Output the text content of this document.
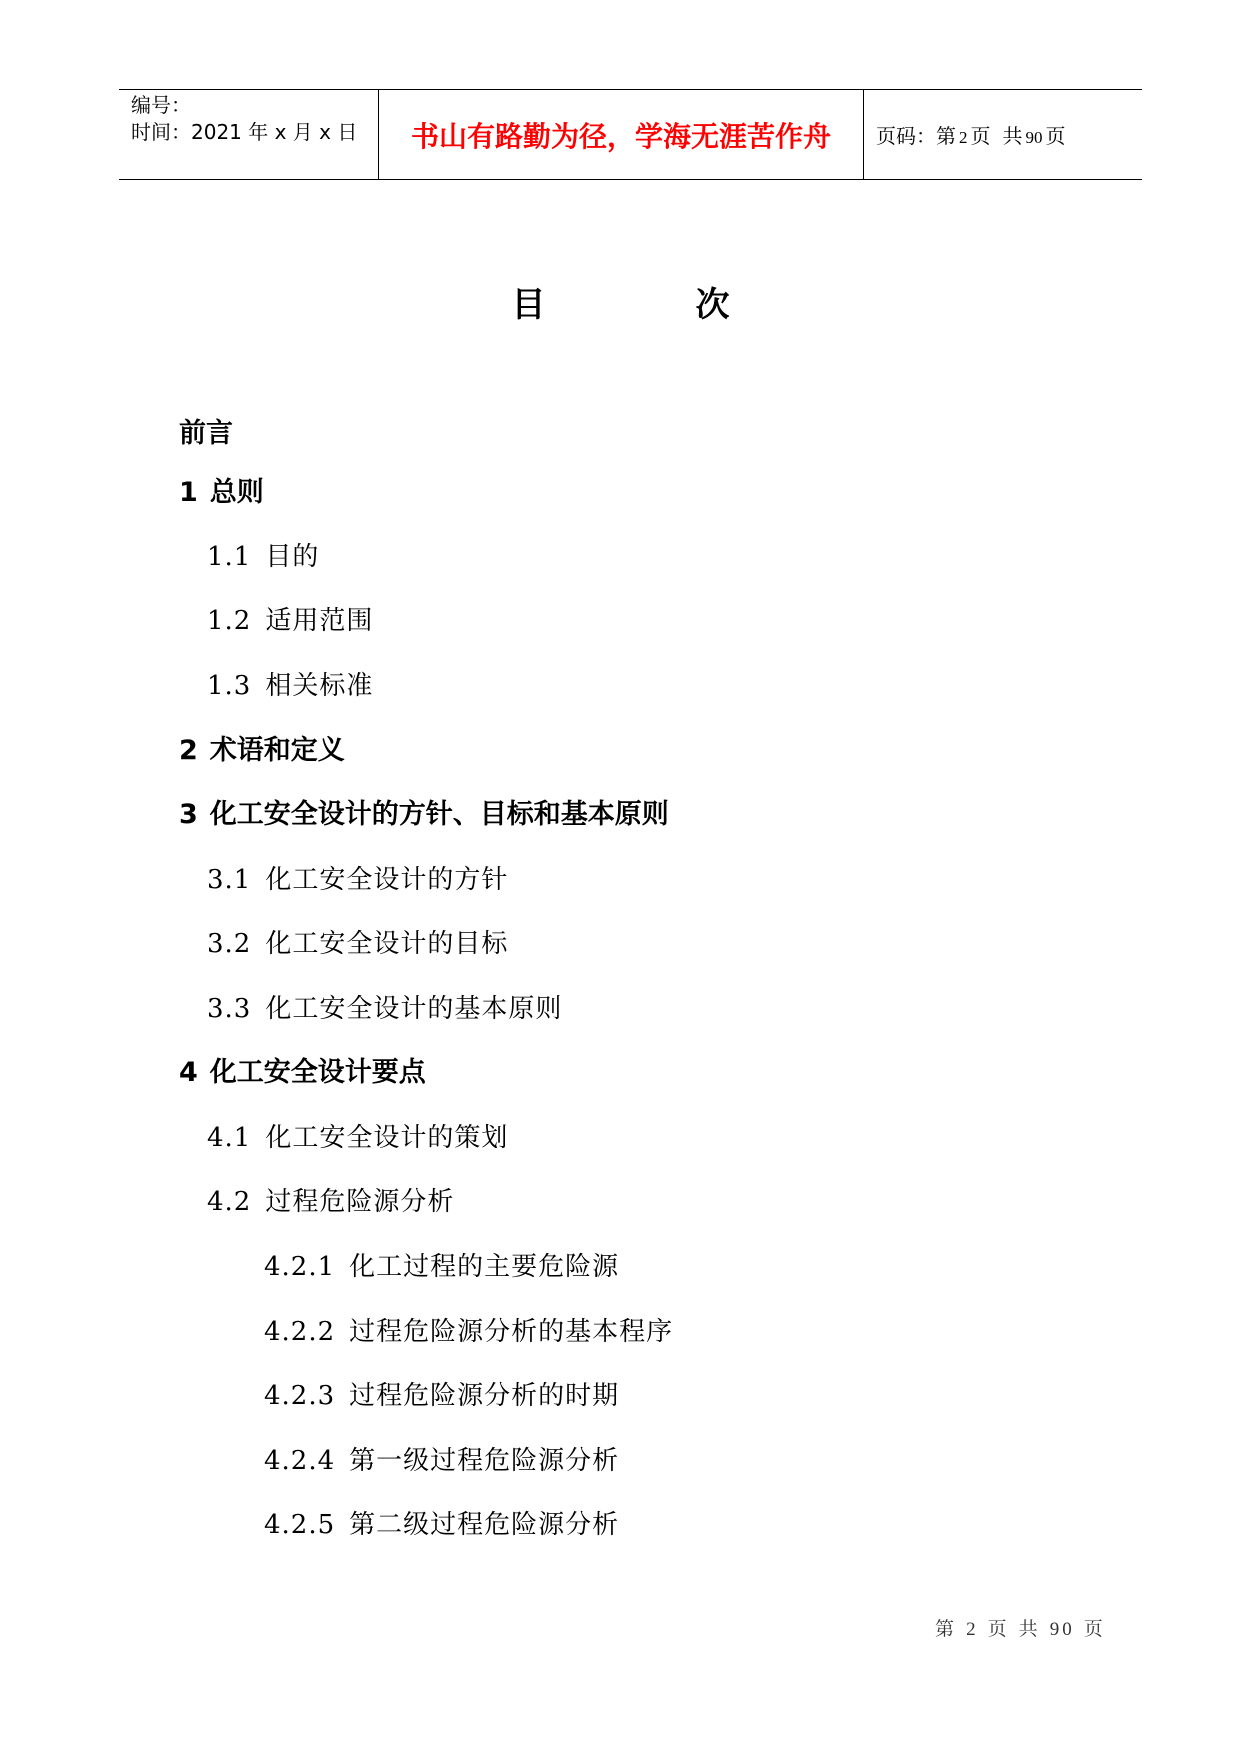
编号：
时间：2021 年 x 月 x 日 书山有路勤为径，学海无涯苦作舟 页码：第 2 页 共 90 页
目	次
前言
1 总则
1.1 目的
1.2 适用范围
1.3 相关标准
2 术语和定义
3 化工安全设计的方针、目标和基本原则
3.1 化工安全设计的方针
3.2 化工安全设计的目标
3.3 化工安全设计的基本原则
4 化工安全设计要点
4.1 化工安全设计的策划
4.2 过程危险源分析
4.2.1 化工过程的主要危险源
4.2.2 过程危险源分析的基本程序
4.2.3 过程危险源分析的时期
4.2.4 第一级过程危险源分析
4.2.5 第二级过程危险源分析
第 2 页 共 90 页
